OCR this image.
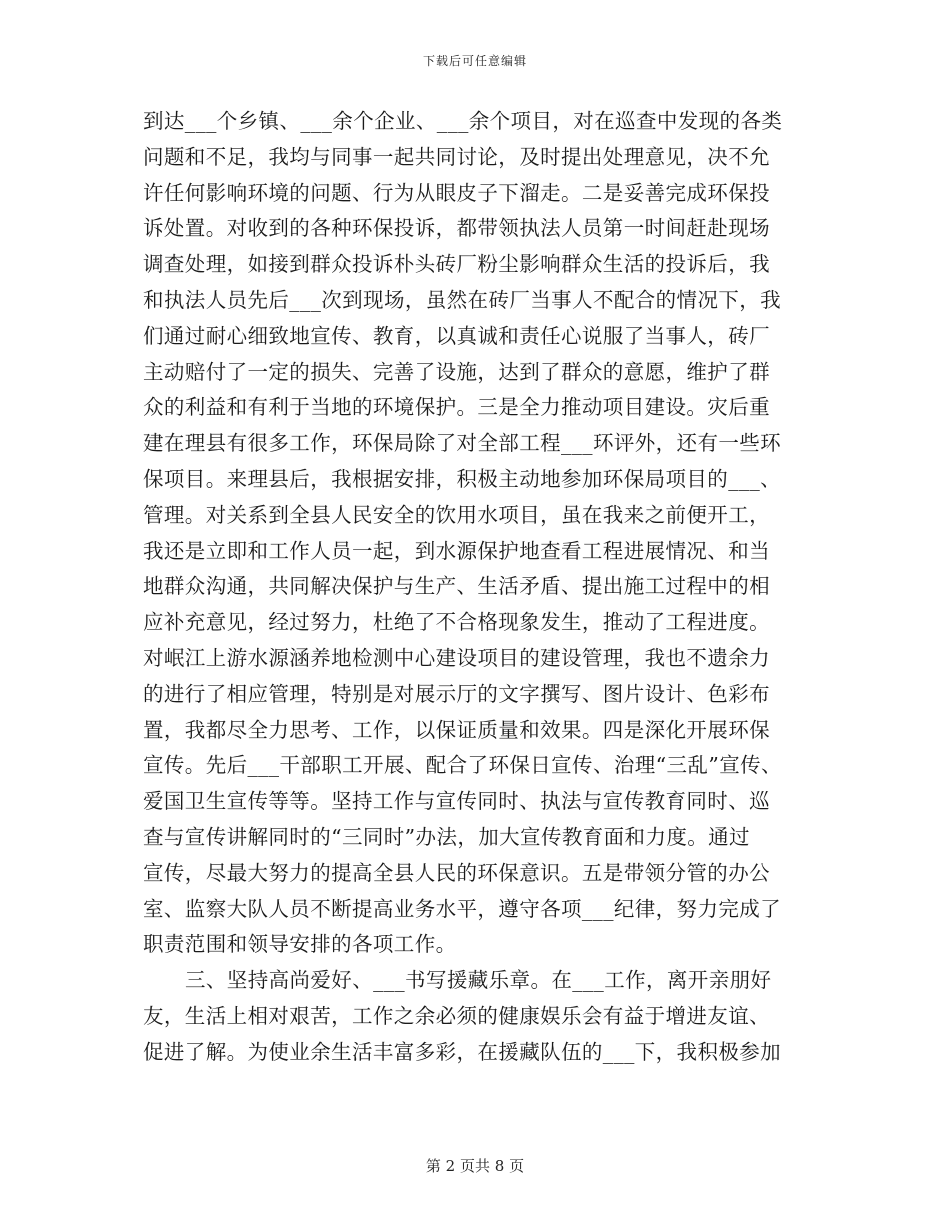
下载后可任意编辑
到达___个乡镇、___余个企业、___余个项目，对在巡查中发现的各类
问题和不足，我均与同事一起共同讨论，及时提出处理意见，决不允
许任何影响环境的问题、行为从眼皮子下溜走。二是妥善完成环保投
诉处置。对收到的各种环保投诉，都带领执法人员第一时间赶赴现场
调查处理，如接到群众投诉朴头砖厂粉尘影响群众生活的投诉后，我
和执法人员先后___次到现场，虽然在砖厂当事人不配合的情况下，我
们通过耐心细致地宣传、教育，以真诚和责任心说服了当事人，砖厂
主动赔付了一定的损失、完善了设施，达到了群众的意愿，维护了群
众的利益和有利于当地的环境保护。三是全力推动项目建设。灾后重
建在理县有很多工作，环保局除了对全部工程___环评外，还有一些环
保项目。来理县后，我根据安排，积极主动地参加环保局项目的___、
管理。对关系到全县人民安全的饮用水项目，虽在我来之前便开工，
我还是立即和工作人员一起，到水源保护地查看工程进展情况、和当
地群众沟通，共同解决保护与生产、生活矛盾、提出施工过程中的相
应补充意见，经过努力，杜绝了不合格现象发生，推动了工程进度。
对岷江上游水源涵养地检测中心建设项目的建设管理，我也不遗余力
的进行了相应管理，特别是对展示厅的文字撰写、图片设计、色彩布
置，我都尽全力思考、工作，以保证质量和效果。四是深化开展环保
宣传。先后___干部职工开展、配合了环保日宣传、治理“三乱”宣传、
爱国卫生宣传等等。坚持工作与宣传同时、执法与宣传教育同时、巡
查与宣传讲解同时的“三同时”办法，加大宣传教育面和力度。通过
宣传，尽最大努力的提高全县人民的环保意识。五是带领分管的办公
室、监察大队人员不断提高业务水平，遵守各项___纪律，努力完成了
职责范围和领导安排的各项工作。
三、坚持高尚爱好、___书写援藏乐章。在___工作，离开亲朋好
友，生活上相对艰苦，工作之余必须的健康娱乐会有益于增进友谊、
促进了解。为使业余生活丰富多彩，在援藏队伍的___下，我积极参加
第 2 页共 8 页
